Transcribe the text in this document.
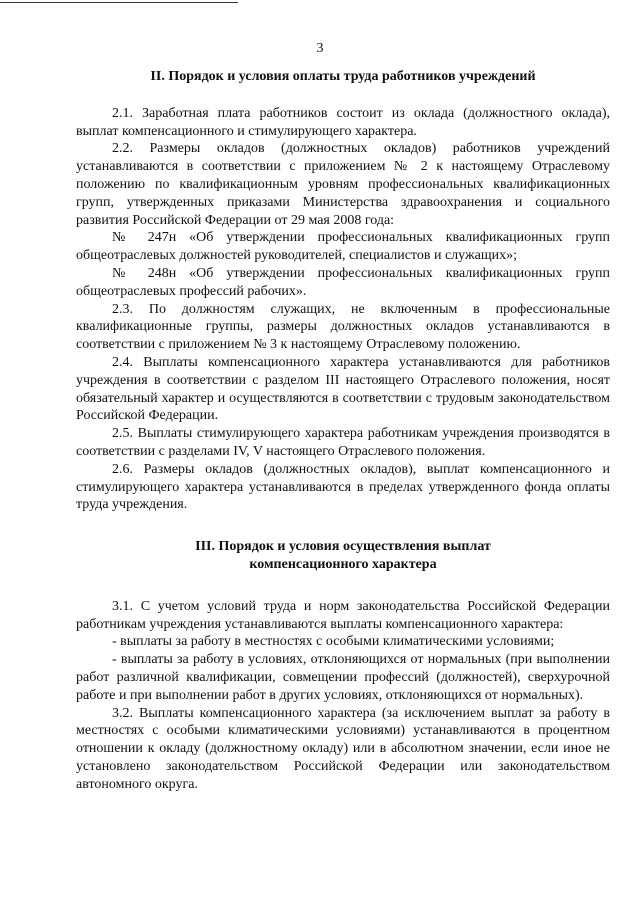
3
II. Порядок и условия оплаты труда работников учреждений

2.1. Заработная плата работников состоит из оклада (должностного оклада), выплат компенсационного и стимулирующего характера.

2.2. Размеры окладов (должностных окладов) работников учреждений устанавливаются в соответствии с приложением № 2 к настоящему Отраслевому положению по квалификационным уровням профессиональных квалификационных групп, утвержденных приказами Министерства здравоохранения и социального развития Российской Федерации от 29 мая 2008 года:

№ 247н «Об утверждении профессиональных квалификационных групп общеотраслевых должностей руководителей, специалистов и служащих»;

№ 248н «Об утверждении профессиональных квалификационных групп общеотраслевых профессий рабочих».

2.3. По должностям служащих, не включенным в профессиональные квалификационные группы, размеры должностных окладов устанавливаются в соответствии с приложением № 3 к настоящему Отраслевому положению.

2.4. Выплаты компенсационного характера устанавливаются для работников учреждения в соответствии с разделом III настоящего Отраслевого положения, носят обязательный характер и осуществляются в соответствии с трудовым законодательством Российской Федерации.

2.5. Выплаты стимулирующего характера работникам учреждения производятся в соответствии с разделами IV, V настоящего Отраслевого положения.

2.6. Размеры окладов (должностных окладов), выплат компенсационного и стимулирующего характера устанавливаются в пределах утвержденного фонда оплаты труда учреждения.

III. Порядок и условия осуществления выплат
компенсационного характера

3.1. С учетом условий труда и норм законодательства Российской Федерации работникам учреждения устанавливаются выплаты компенсационного характера:

- выплаты за работу в местностях с особыми климатическими условиями;

- выплаты за работу в условиях, отклоняющихся от нормальных (при выполнении работ различной квалификации, совмещении профессий (должностей), сверхурочной работе и при выполнении работ в других условиях, отклоняющихся от нормальных).

3.2. Выплаты компенсационного характера (за исключением выплат за работу в местностях с особыми климатическими условиями) устанавливаются в процентном отношении к окладу (должностному окладу) или в абсолютном значении, если иное не установлено законодательством Российской Федерации или законодательством автономного округа.
